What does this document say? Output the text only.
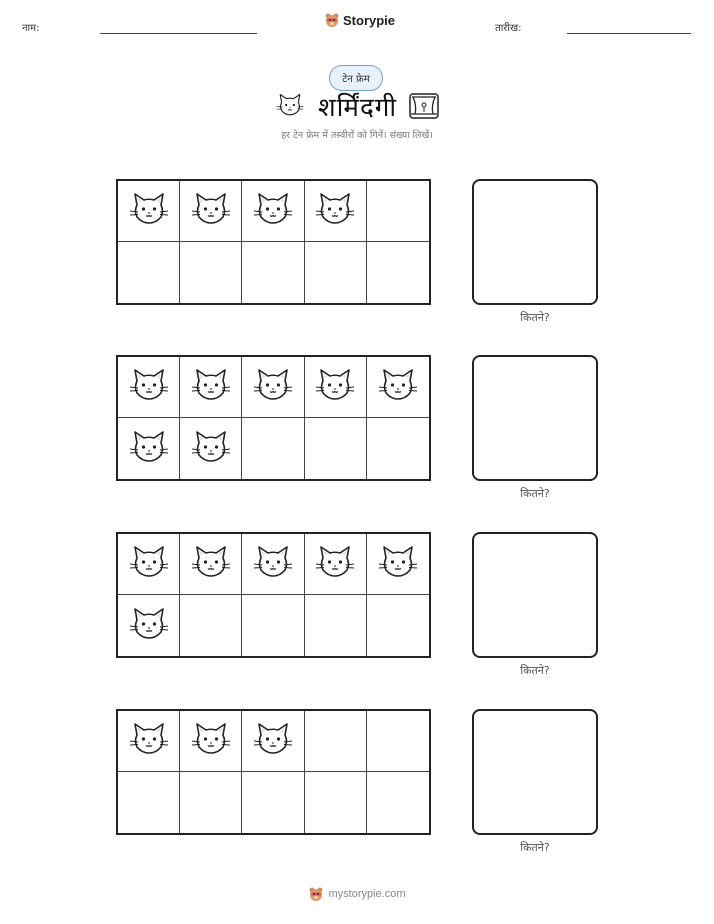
नाम:
Storypie
तारीख:
टेन फ्रेम
शर्मिंदगी
हर टेन फ्रेम में तस्वीरों को गिनें। संख्या लिखें।
कितने?
कितने?
कितने?
कितने?
mystorypie.com
